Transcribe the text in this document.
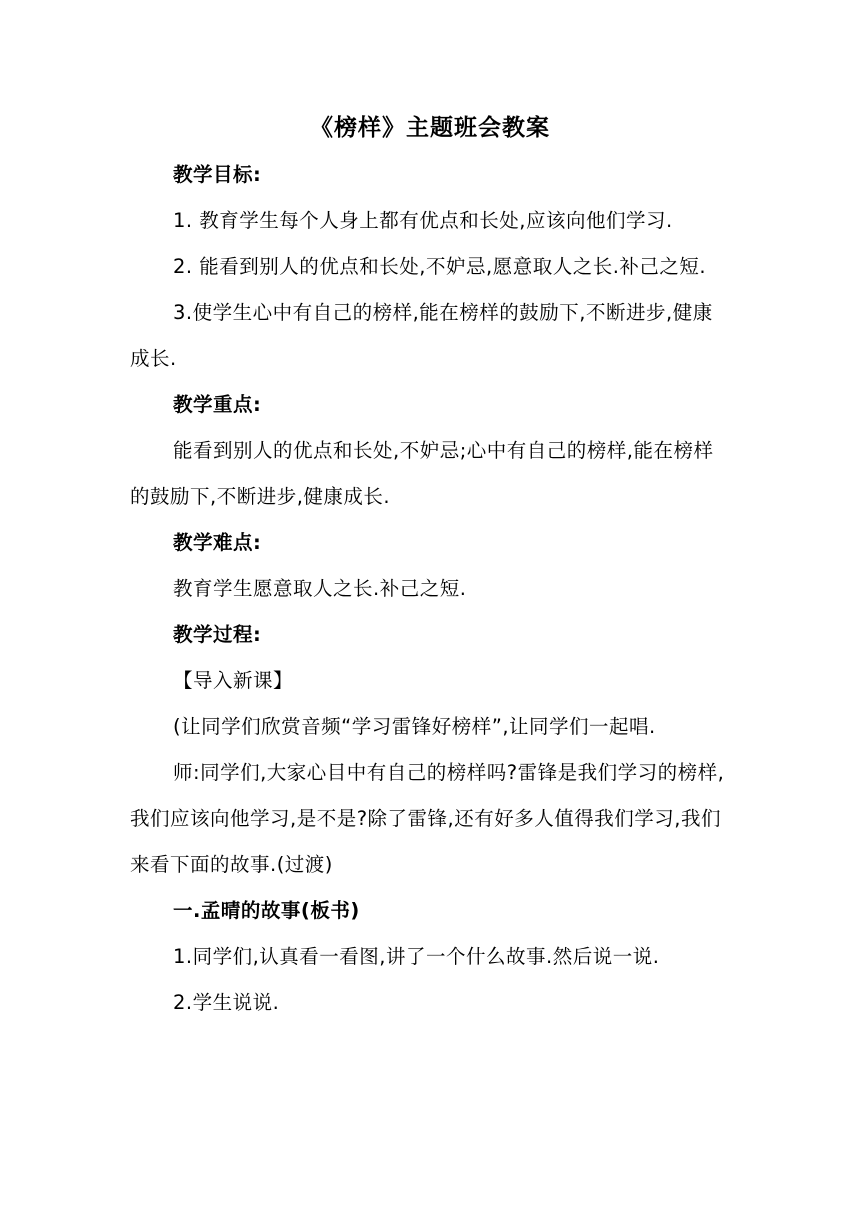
《榜样》主题班会教案

教学目标:

1. 教育学生每个人身上都有优点和长处,应该向他们学习.

2. 能看到别人的优点和长处,不妒忌,愿意取人之长.补己之短.

3.使学生心中有自己的榜样,能在榜样的鼓励下,不断进步,健康成长.

教学重点:

能看到别人的优点和长处,不妒忌;心中有自己的榜样,能在榜样的鼓励下,不断进步,健康成长.

教学难点:

教育学生愿意取人之长.补己之短.

教学过程:

【导入新课】

(让同学们欣赏音频“学习雷锋好榜样”,让同学们一起唱.

师:同学们,大家心目中有自己的榜样吗?雷锋是我们学习的榜样,我们应该向他学习,是不是?除了雷锋,还有好多人值得我们学习,我们来看下面的故事.(过渡)

一.孟晴的故事(板书)

1.同学们,认真看一看图,讲了一个什么故事.然后说一说.

2.学生说说.
